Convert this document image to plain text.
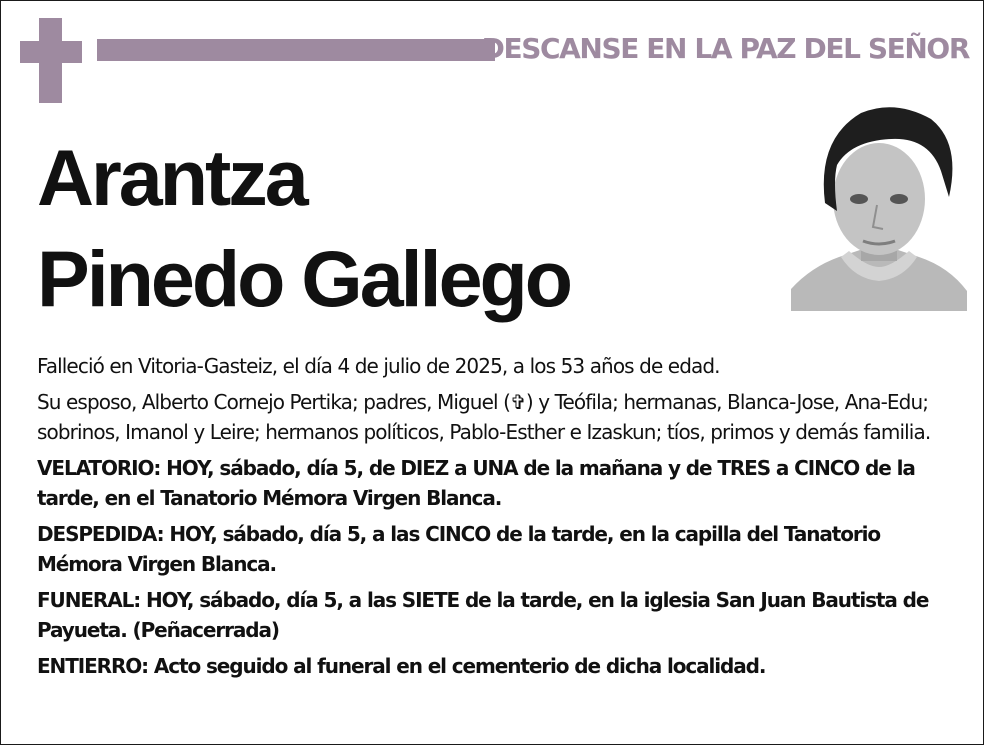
DESCANSE EN LA PAZ DEL SEÑOR
Arantza
Pinedo Gallego

Falleció en Vitoria-Gasteiz, el día 4 de julio de 2025, a los 53 años de edad.

Su esposo, Alberto Cornejo Pertika; padres, Miguel (✞) y Teófila; hermanas, Blanca-Jose, Ana-Edu; sobrinos, Imanol y Leire; hermanos políticos, Pablo-Esther e Izaskun; tíos, primos y demás familia.

VELATORIO: HOY, sábado, día 5, de DIEZ a UNA de la mañana y de TRES a CINCO de la tarde, en el Tanatorio Mémora Virgen Blanca.

DESPEDIDA: HOY, sábado, día 5, a las CINCO de la tarde, en la capilla del Tanatorio Mémora Virgen Blanca.

FUNERAL: HOY, sábado, día 5, a las SIETE de la tarde, en la iglesia San Juan Bautista de Payueta. (Peñacerrada)

ENTIERRO: Acto seguido al funeral en el cementerio de dicha localidad.
